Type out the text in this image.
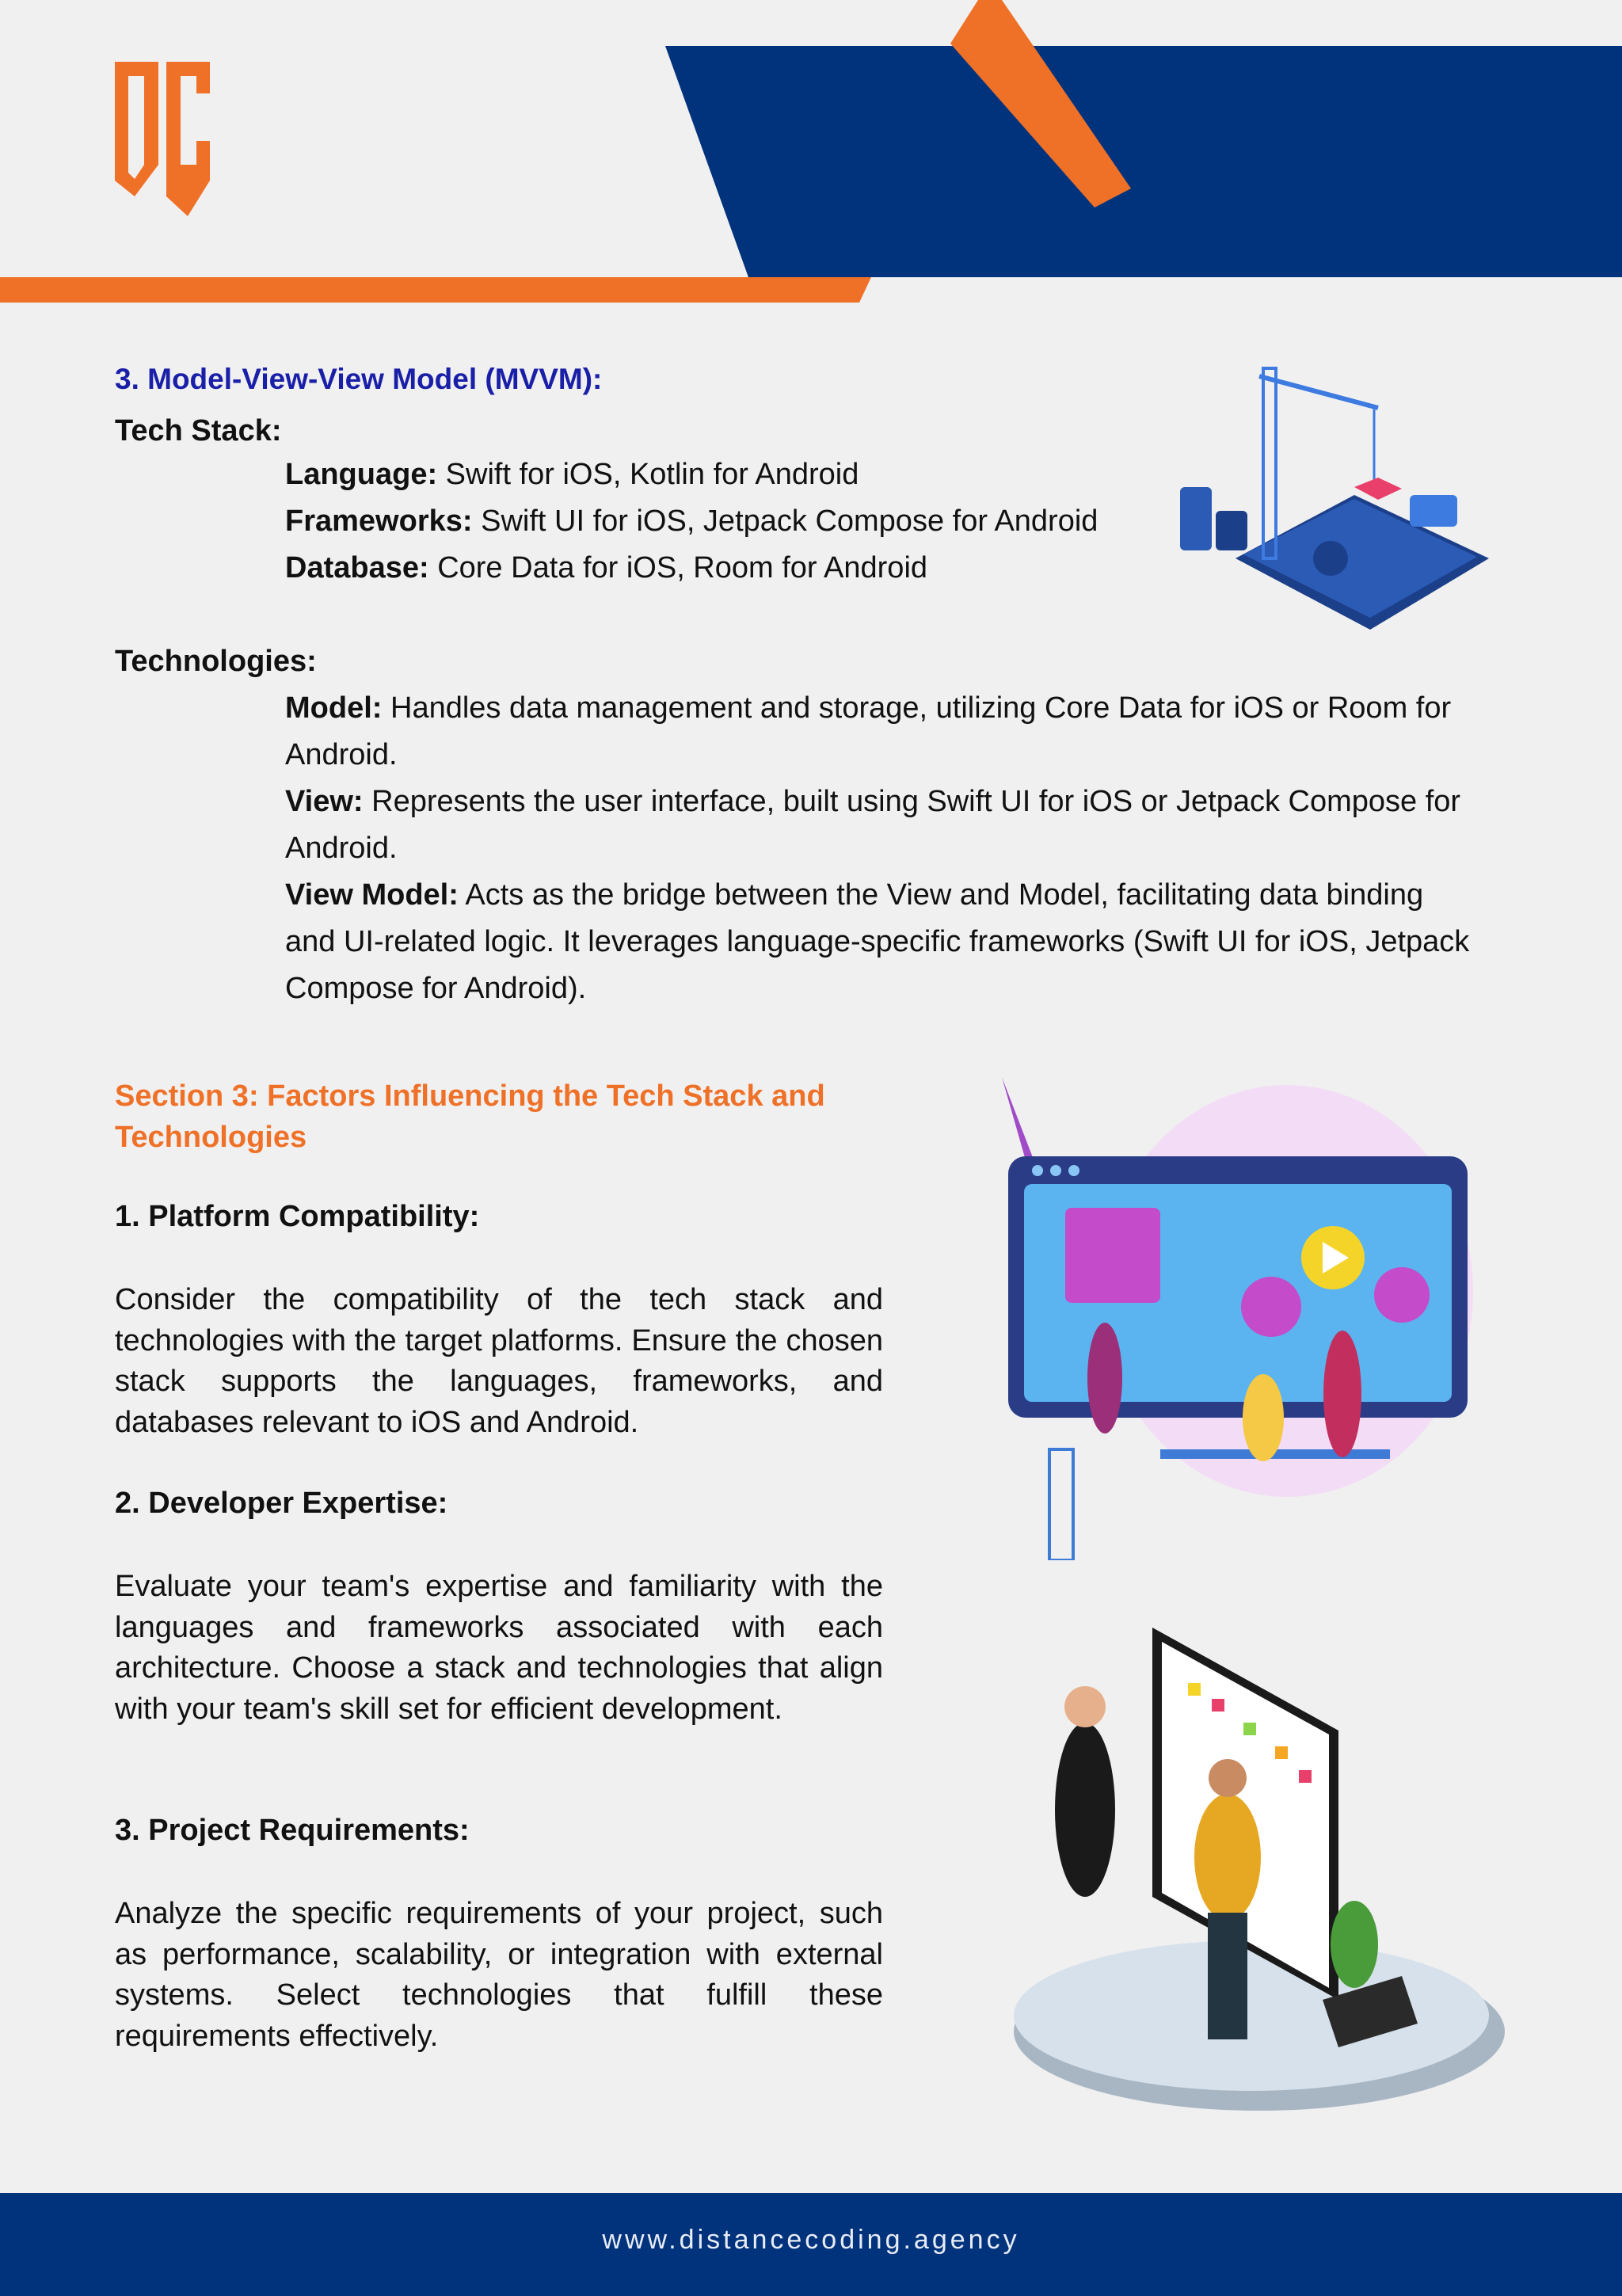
3. Model-View-View Model (MVVM):
Tech Stack:
Language: Swift for iOS, Kotlin for Android
Frameworks: Swift UI for iOS, Jetpack Compose for Android
Database: Core Data for iOS, Room for Android
Technologies:
Model: Handles data management and storage, utilizing Core Data for iOS or Room for
Android.
View: Represents the user interface, built using Swift UI for iOS or Jetpack Compose for
Android.
View Model: Acts as the bridge between the View and Model, facilitating data binding
and UI-related logic. It leverages language-specific frameworks (Swift UI for iOS, Jetpack
Compose for Android).
Section 3: Factors Influencing the Tech Stack and Technologies
1. Platform Compatibility:
Consider the compatibility of the tech stack and technologies with the target platforms. Ensure the chosen stack supports the languages, frameworks, and databases relevant to iOS and Android.
2. Developer Expertise:
Evaluate your team's expertise and familiarity with the languages and frameworks associated with each architecture. Choose a stack and technologies that align with your team's skill set for efficient development.
3. Project Requirements:
Analyze the specific requirements of your project, such as performance, scalability, or integration with external systems. Select technologies that fulfill these requirements effectively.
www.distancecoding.agency
